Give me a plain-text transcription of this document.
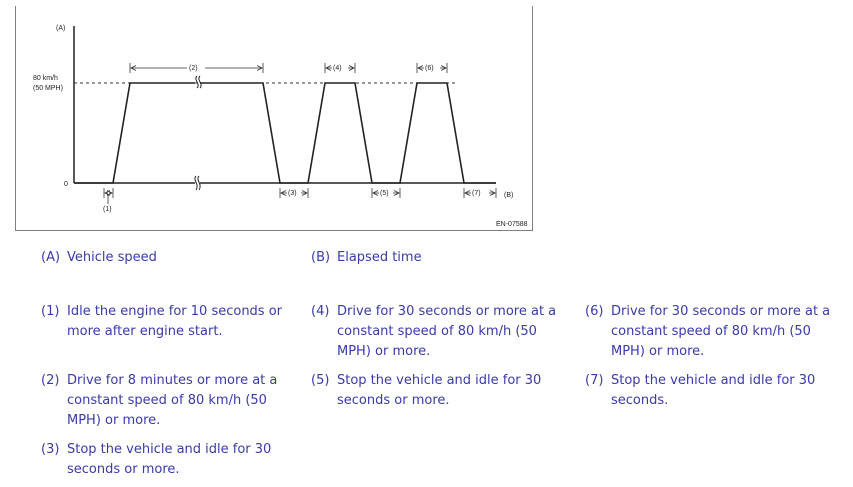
(A)
80 km/h
(50 MPH)
0
(B)
EN-07588
(2)	(4)	(6)
(1)
(3)	(5)	(7)
(A) Vehicle speed	(B) Elapsed time
(1) Idle the engine for 10 seconds or
more after engine start.
(2) Drive for 8 minutes or more at a
constant speed of 80 km/h (50
MPH) or more.
(3) Stop the vehicle and idle for 30
seconds or more.
(4) Drive for 30 seconds or more at a
constant speed of 80 km/h (50
MPH) or more.
(5) Stop the vehicle and idle for 30
seconds or more.
(6) Drive for 30 seconds or more at a
constant speed of 80 km/h (50
MPH) or more.
(7) Stop the vehicle and idle for 30
seconds.
